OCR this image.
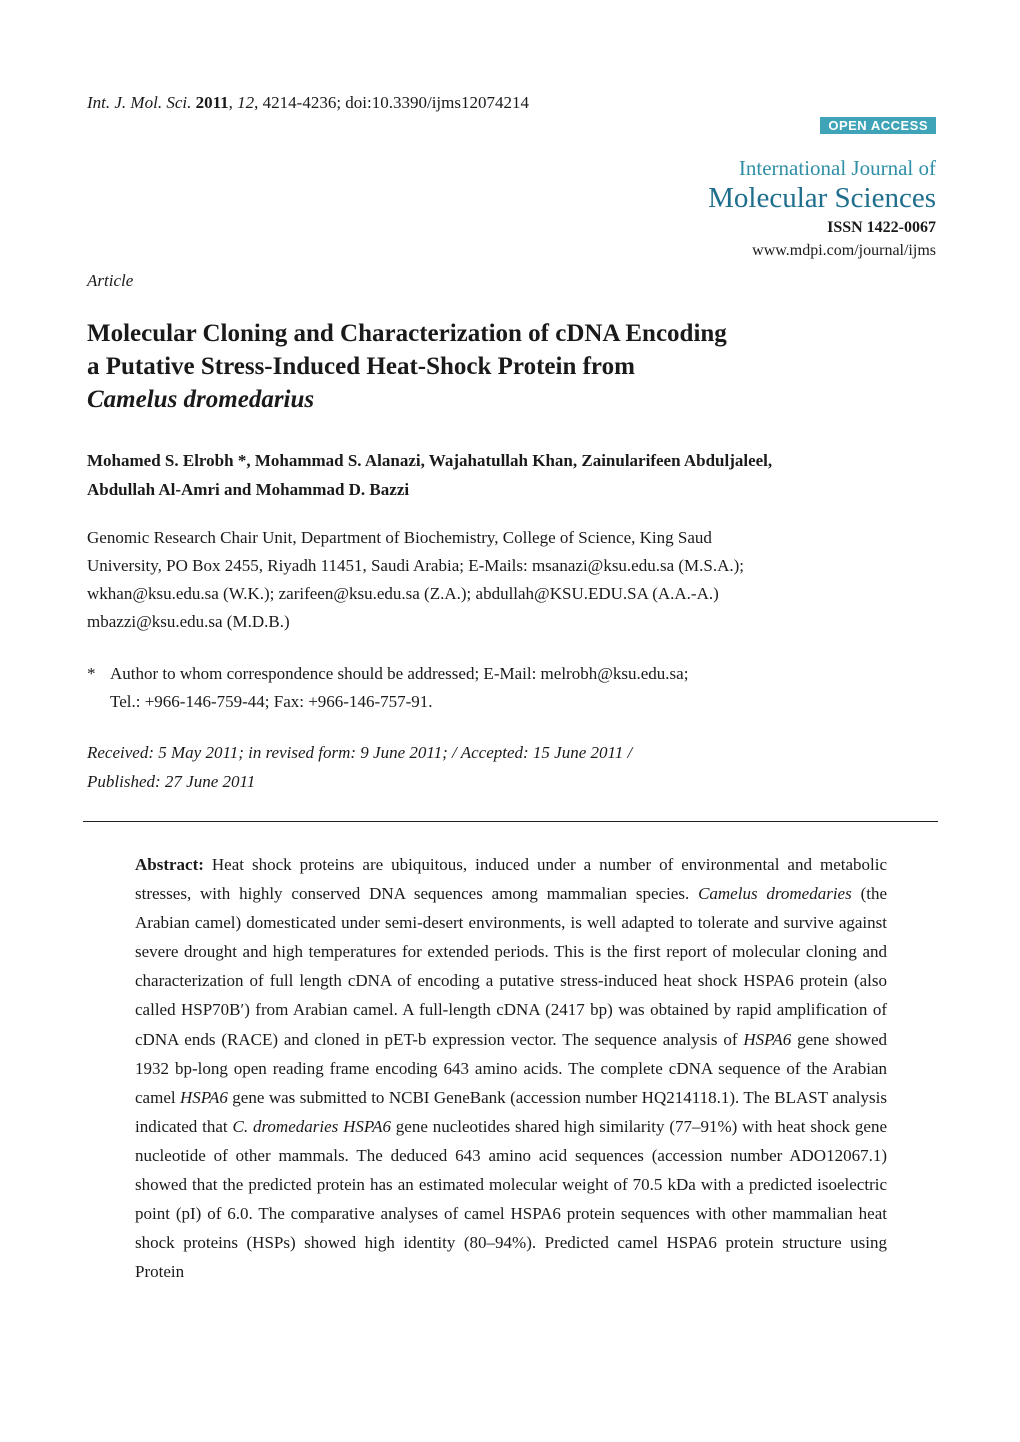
Int. J. Mol. Sci. 2011, 12, 4214-4236; doi:10.3390/ijms12074214
OPEN ACCESS
International Journal of
Molecular Sciences
ISSN 1422-0067
www.mdpi.com/journal/ijms
Article
Molecular Cloning and Characterization of cDNA Encoding
a Putative Stress-Induced Heat-Shock Protein from
Camelus dromedarius
Mohamed S. Elrobh *, Mohammad S. Alanazi, Wajahatullah Khan, Zainularifeen Abduljaleel,
Abdullah Al-Amri and Mohammad D. Bazzi
Genomic Research Chair Unit, Department of Biochemistry, College of Science, King Saud
University, PO Box 2455, Riyadh 11451, Saudi Arabia; E-Mails: msanazi@ksu.edu.sa (M.S.A.);
wkhan@ksu.edu.sa (W.K.); zarifeen@ksu.edu.sa (Z.A.); abdullah@KSU.EDU.SA (A.A.-A.)
mbazzi@ksu.edu.sa (M.D.B.)
* Author to whom correspondence should be addressed; E-Mail: melrobh@ksu.edu.sa;
Tel.: +966-146-759-44; Fax: +966-146-757-91.
Received: 5 May 2011; in revised form: 9 June 2011; / Accepted: 15 June 2011 /
Published: 27 June 2011
Abstract: Heat shock proteins are ubiquitous, induced under a number of environmental and metabolic stresses, with highly conserved DNA sequences among mammalian species. Camelus dromedaries (the Arabian camel) domesticated under semi-desert environments, is well adapted to tolerate and survive against severe drought and high temperatures for extended periods. This is the first report of molecular cloning and characterization of full length cDNA of encoding a putative stress-induced heat shock HSPA6 protein (also called HSP70B′) from Arabian camel. A full-length cDNA (2417 bp) was obtained by rapid amplification of cDNA ends (RACE) and cloned in pET-b expression vector. The sequence analysis of HSPA6 gene showed 1932 bp-long open reading frame encoding 643 amino acids. The complete cDNA sequence of the Arabian camel HSPA6 gene was submitted to NCBI GeneBank (accession number HQ214118.1). The BLAST analysis indicated that C. dromedaries HSPA6 gene nucleotides shared high similarity (77–91%) with heat shock gene nucleotide of other mammals. The deduced 643 amino acid sequences (accession number ADO12067.1) showed that the predicted protein has an estimated molecular weight of 70.5 kDa with a predicted isoelectric point (pI) of 6.0. The comparative analyses of camel HSPA6 protein sequences with other mammalian heat shock proteins (HSPs) showed high identity (80–94%). Predicted camel HSPA6 protein structure using Protein
